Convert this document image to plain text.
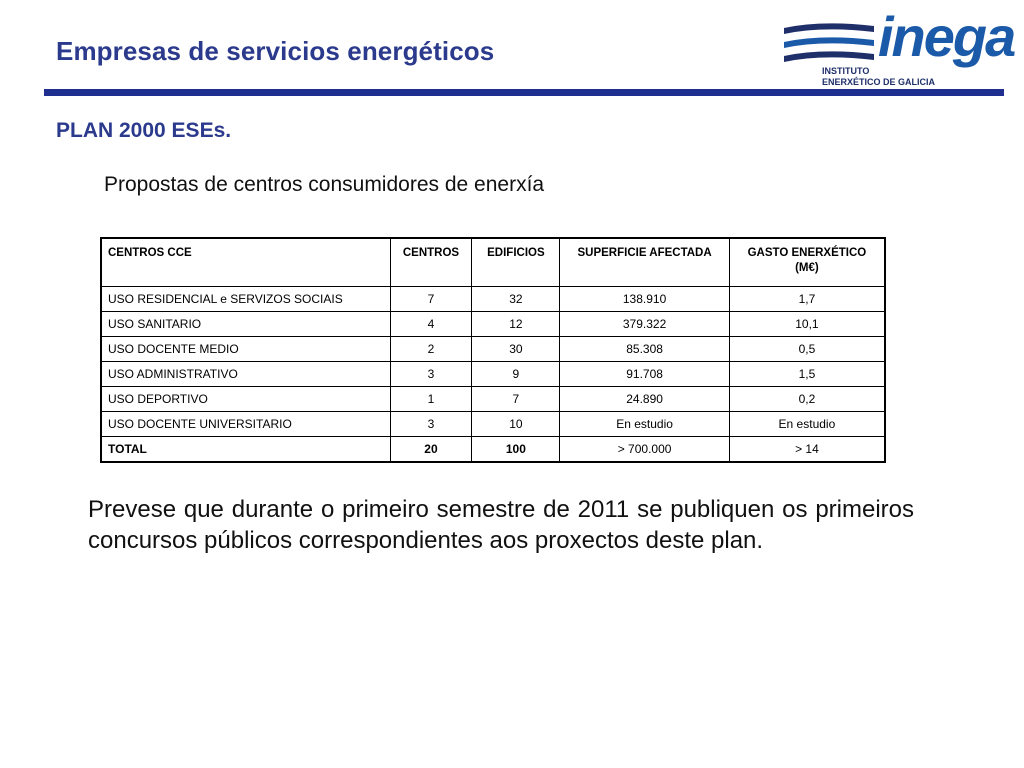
Empresas de servicios energéticos	inega
INSTITUTO
ENERXÉTICO DE GALICIA
PLAN 2000 ESEs.
Propostas de centros consumidores de enerxía
CENTROS CCE	CENTROS	EDIFICIOS	SUPERFICIE AFECTADA	GASTO ENERXÉTICO (M€)
USO RESIDENCIAL e SERVIZOS SOCIAIS	7	32	138.910	1,7
USO SANITARIO	4	12	379.322	10,1
USO DOCENTE MEDIO	2	30	85.308	0,5
USO ADMINISTRATIVO	3	9	91.708	1,5
USO DEPORTIVO	1	7	24.890	0,2
USO DOCENTE UNIVERSITARIO	3	10	En estudio	En estudio
TOTAL	20	100	> 700.000	> 14
Prevese que durante o primeiro semestre de 2011 se publiquen os primeiros concursos públicos correspondientes aos proxectos deste plan.
